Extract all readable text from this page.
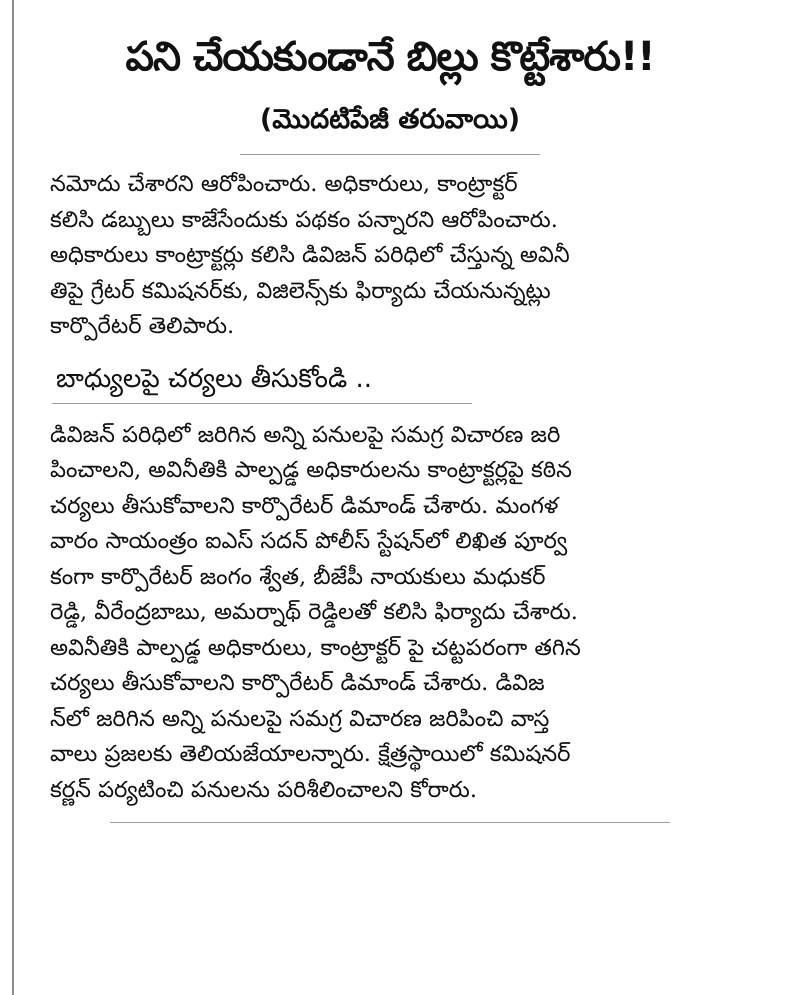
పని చేయకుండానే బిల్లు కొట్టేశారు!!
(మొదటిపేజీ తరువాయి)
నమోదు చేశారని ఆరోపించారు. అధికారులు, కాంట్రాక్టర్
కలిసి డబ్బులు కాజేసేందుకు పథకం పన్నారని ఆరోపించారు.
అధికారులు కాంట్రాక్టర్లు కలిసి డివిజన్ పరిధిలో చేస్తున్న అవినీ
తిపై గ్రేటర్ కమిషనర్‌కు, విజిలెన్స్‌కు ఫిర్యాదు చేయనున్నట్లు
కార్పొరేటర్ తెలిపారు.
బాధ్యులపై చర్యలు తీసుకోండి ..
డివిజన్ పరిధిలో జరిగిన అన్ని పనులపై సమగ్ర విచారణ జరి
పించాలని, అవినీతికి పాల్పడ్డ అధికారులను కాంట్రాక్టర్లపై కఠిన
చర్యలు తీసుకోవాలని కార్పొరేటర్ డిమాండ్ చేశారు. మంగళ
వారం సాయంత్రం ఐఎస్ సదన్ పోలీస్ స్టేషన్‌లో లిఖిత పూర్వ
కంగా కార్పొరేటర్ జంగం శ్వేత, బీజేపీ నాయకులు మధుకర్
రెడ్డి, వీరేంద్రబాబు, అమర్నాథ్ రెడ్డిలతో కలిసి ఫిర్యాదు చేశారు.
అవినీతికి పాల్పడ్డ అధికారులు, కాంట్రాక్టర్ పై చట్టపరంగా తగిన
చర్యలు తీసుకోవాలని కార్పొరేటర్ డిమాండ్ చేశారు. డివిజ
న్‌లో జరిగిన అన్ని పనులపై సమగ్ర విచారణ జరిపించి వాస్త
వాలు ప్రజలకు తెలియజేయాలన్నారు. క్షేత్రస్థాయిలో కమిషనర్
కర్ణన్ పర్యటించి పనులను పరిశీలించాలని కోరారు.
